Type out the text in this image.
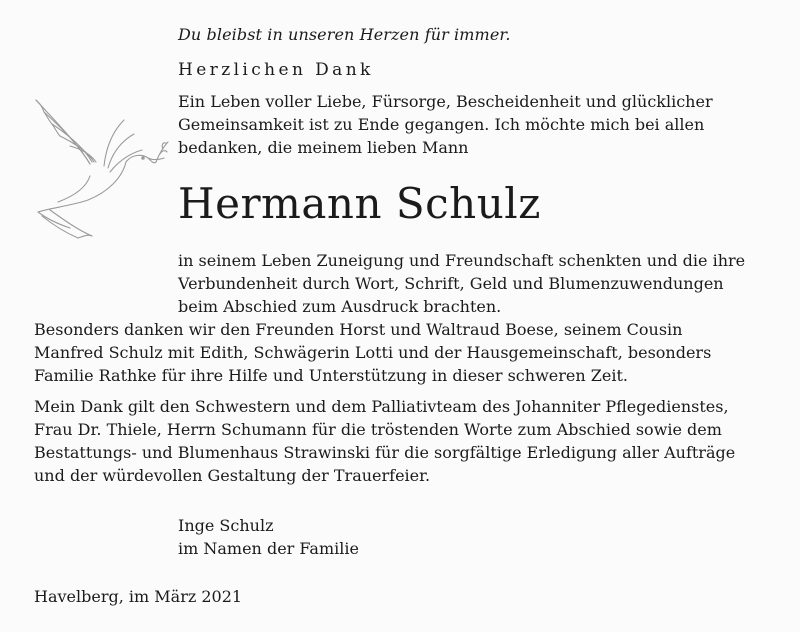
Du bleibst in unseren Herzen für immer.
Herzlichen Dank
Ein Leben voller Liebe, Fürsorge, Bescheidenheit und glücklicher
Gemeinsamkeit ist zu Ende gegangen. Ich möchte mich bei allen
bedanken, die meinem lieben Mann
Hermann Schulz
in seinem Leben Zuneigung und Freundschaft schenkten und die ihre
Verbundenheit durch Wort, Schrift, Geld und Blumenzuwendungen
beim Abschied zum Ausdruck brachten.
Besonders danken wir den Freunden Horst und Waltraud Boese, seinem Cousin
Manfred Schulz mit Edith, Schwägerin Lotti und der Hausgemeinschaft, besonders
Familie Rathke für ihre Hilfe und Unterstützung in dieser schweren Zeit.
Mein Dank gilt den Schwestern und dem Palliativteam des Johanniter Pflegedienstes,
Frau Dr. Thiele, Herrn Schumann für die tröstenden Worte zum Abschied sowie dem
Bestattungs- und Blumenhaus Strawinski für die sorgfältige Erledigung aller Aufträge
und der würdevollen Gestaltung der Trauerfeier.
Inge Schulz
im Namen der Familie
Havelberg, im März 2021
